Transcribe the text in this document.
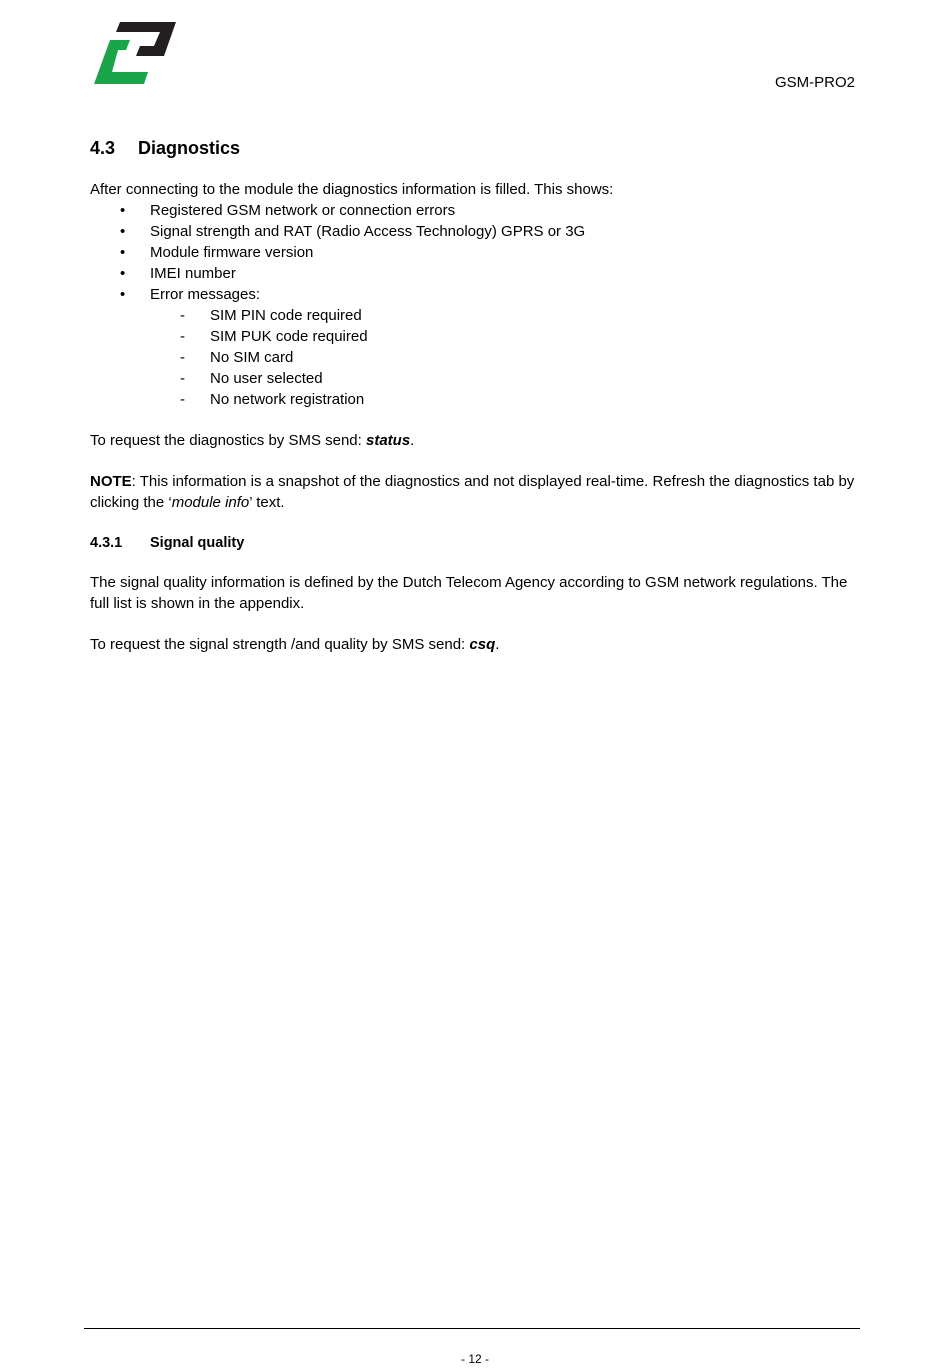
GSM-PRO2
4.3	Diagnostics
After connecting to the module the diagnostics information is filled. This shows:
• Registered GSM network or connection errors
• Signal strength and RAT (Radio Access Technology) GPRS or 3G
• Module firmware version
• IMEI number
• Error messages:
- SIM PIN code required
- SIM PUK code required
- No SIM card
- No user selected
- No network registration

To request the diagnostics by SMS send: status.

NOTE: This information is a snapshot of the diagnostics and not displayed real-time. Refresh the diagnostics tab by clicking the ‘module info’ text.

4.3.1	Signal quality

The signal quality information is defined by the Dutch Telecom Agency according to GSM network regulations. The full list is shown in the appendix.

To request the signal strength /and quality by SMS send: csq.

- 12 -
